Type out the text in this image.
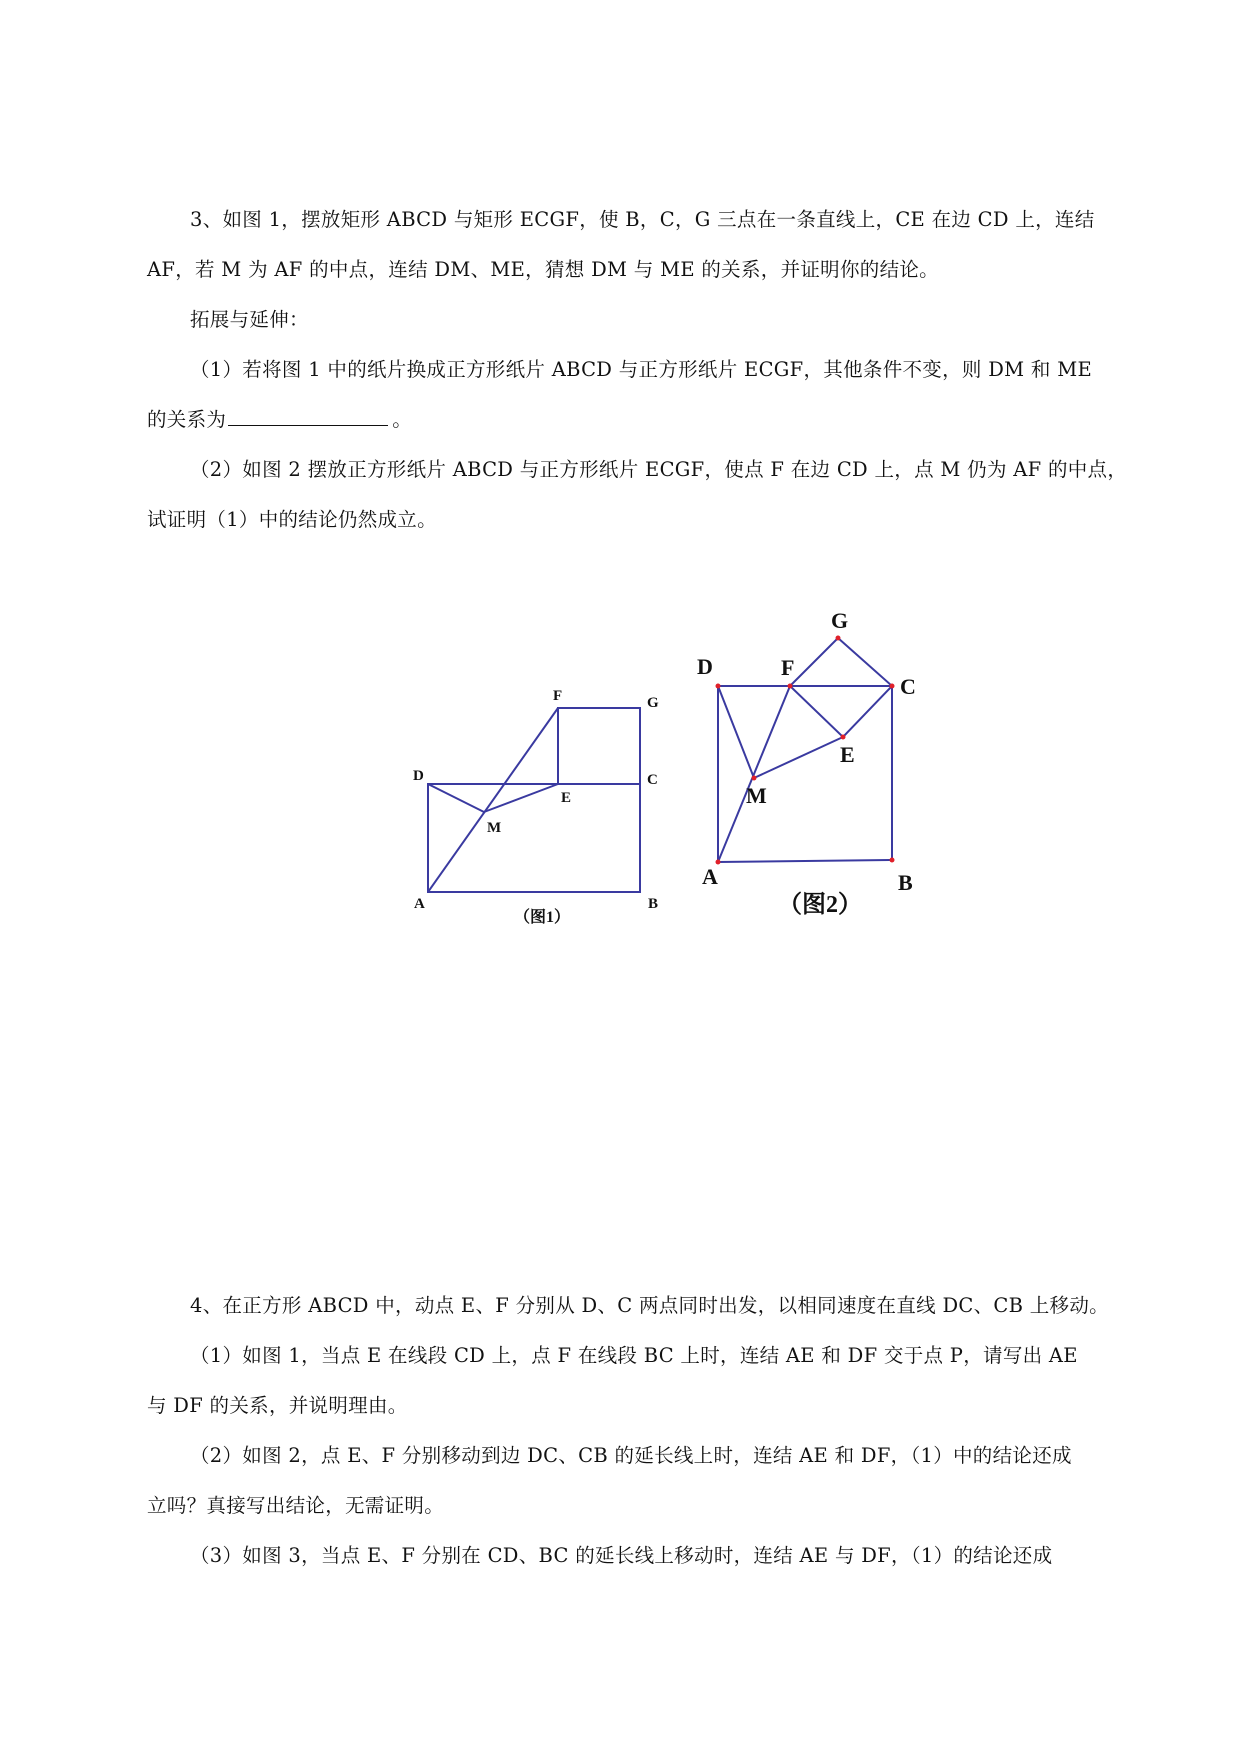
3、如图 1，摆放矩形 ABCD 与矩形 ECGF，使 B，C，G 三点在一条直线上，CE 在边 CD 上，连结
AF，若 M 为 AF 的中点，连结 DM、ME，猜想 DM 与 ME 的关系，并证明你的结论。
拓展与延伸：
（1）若将图 1 中的纸片换成正方形纸片 ABCD 与正方形纸片 ECGF，其他条件不变，则 DM 和 ME
的关系为	。
（2）如图 2 摆放正方形纸片 ABCD 与正方形纸片 ECGF，使点 F 在边 CD 上，点 M 仍为 AF 的中点，
试证明（1）中的结论仍然成立。
A	B
C
D
E
F	G
M
（图1）
A	B
C
D
E
F
G
M
（图2）
4、在正方形 ABCD 中，动点 E、F 分别从 D、C 两点同时出发，以相同速度在直线 DC、CB 上移动。
（1）如图 1，当点 E 在线段 CD 上，点 F 在线段 BC 上时，连结 AE 和 DF 交于点 P，请写出 AE
与 DF 的关系，并说明理由。
（2）如图 2，点 E、F 分别移动到边 DC、CB 的延长线上时，连结 AE 和 DF，（1）中的结论还成
立吗？真接写出结论，无需证明。
（3）如图 3，当点 E、F 分别在 CD、BC 的延长线上移动时，连结 AE 与 DF，（1）的结论还成
